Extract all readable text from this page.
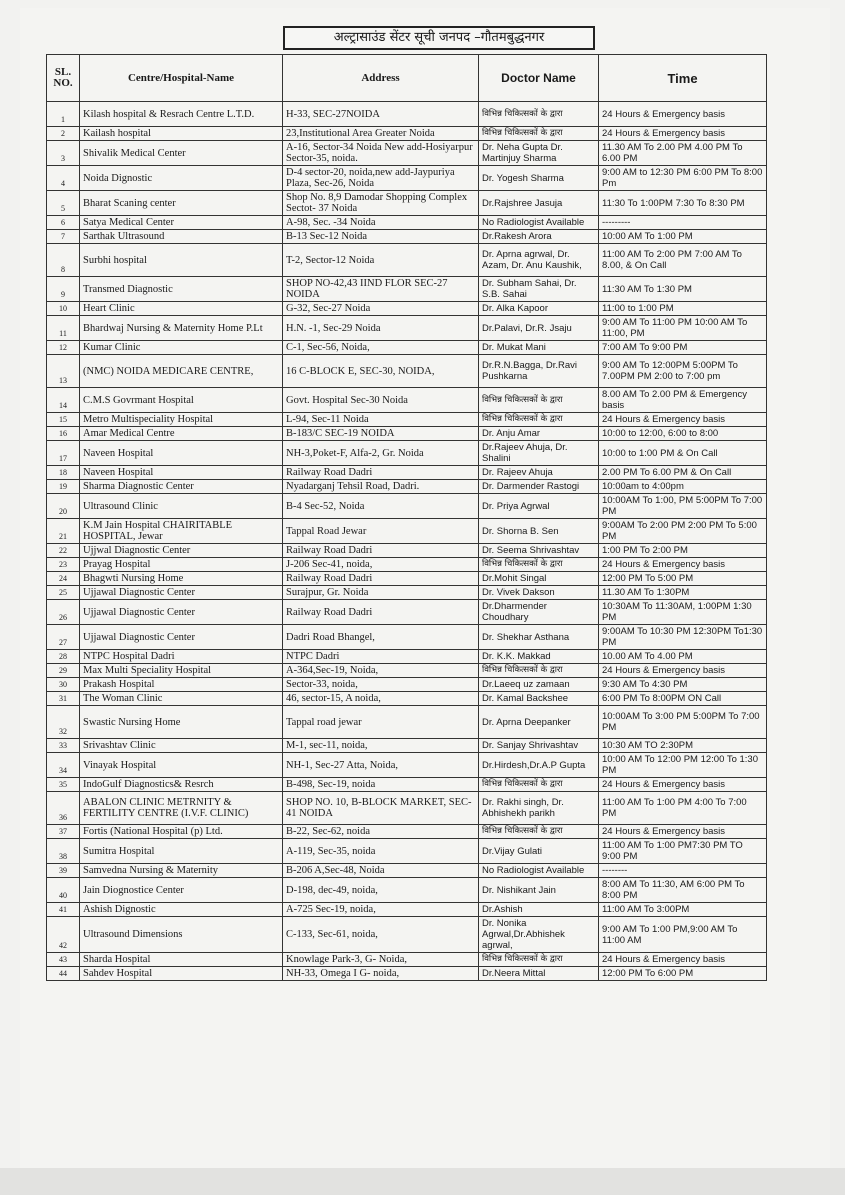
अल्ट्रासाउंड सेंटर सूची जनपद –गौतमबुद्धनगर
SL. NO.	Centre/Hospital-Name	Address	Doctor Name	Time
1	Kilash hospital & Resrach Centre L.T.D.	H-33, SEC-27NOIDA	विभिन्न चिकित्सकों के द्वारा	24 Hours & Emergency basis
2	Kailash hospital	23,Institutional Area Greater Noida	विभिन्न चिकित्सकों के द्वारा	24 Hours & Emergency basis
3	Shivalik Medical Center	A-16, Sector-34 Noida New add-Hosiyarpur Sector-35, noida.	Dr. Neha Gupta Dr. Martinjuy Sharma	11.30 AM To 2.00 PM 4.00 PM To 6.00 PM
4	Noida Dignostic	D-4 sector-20, noida,new add-Jaypuriya Plaza, Sec-26, Noida	Dr. Yogesh Sharma	9:00 AM to 12:30 PM 6:00 PM To 8:00 Pm
5	Bharat Scaning center	Shop No. 8,9 Damodar Shopping Complex Sectot- 37 Noida	Dr.Rajshree Jasuja	11:30 To 1:00PM 7:30 To 8:30 PM
6	Satya Medical Center	A-98, Sec. -34 Noida	No Radiologist Available	---------
7	Sarthak Ultrasound	B-13 Sec-12 Noida	Dr.Rakesh Arora	10:00 AM To 1:00 PM
8	Surbhi hospital	T-2, Sector-12 Noida	Dr. Aprna agrwal, Dr. Azam, Dr. Anu Kaushik,	11:00 AM To 2:00 PM 7:00 AM To 8.00, & On Call
9	Transmed Diagnostic	SHOP NO-42,43 IIND FLOR SEC-27 NOIDA	Dr. Subham Sahai, Dr. S.B. Sahai	11:30 AM To 1:30 PM
10	Heart Clinic	G-32, Sec-27 Noida	Dr. Alka Kapoor	11:00 to 1:00 PM
11	Bhardwaj Nursing & Maternity Home P.Lt	H.N. -1, Sec-29 Noida	Dr.Palavi, Dr.R. Jsaju	9:00 AM To 11:00 PM 10:00 AM To 11:00, PM
12	Kumar Clinic	C-1, Sec-56, Noida,	Dr. Mukat Mani	7:00 AM To 9:00 PM
13	(NMC) NOIDA MEDICARE CENTRE,	16 C-BLOCK E, SEC-30, NOIDA,	Dr.R.N.Bagga, Dr.Ravi Pushkarna	9:00 AM To 12:00PM 5:00PM To 7.00PM PM 2:00 to 7:00 pm
14	C.M.S Govrmant Hospital	Govt. Hospital Sec-30 Noida	विभिन्न चिकित्सकों के द्वारा	8.00 AM To 2.00 PM & Emergency basis
15	Metro Multispeciality Hospital	L-94, Sec-11 Noida	विभिन्न चिकित्सकों के द्वारा	24 Hours & Emergency basis
16	Amar Medical Centre	B-183/C SEC-19 NOIDA	Dr. Anju Amar	10:00 to 12:00, 6:00 to 8:00
17	Naveen Hospital	NH-3,Poket-F, Alfa-2, Gr. Noida	Dr.Rajeev Ahuja, Dr. Shalini	10:00 to 1:00 PM & On Call
18	Naveen Hospital	Railway Road Dadri	Dr. Rajeev Ahuja	2.00 PM To 6.00 PM & On Call
19	Sharma Diagnostic Center	Nyadarganj Tehsil Road, Dadri.	Dr. Darmender Rastogi	10:00am to 4:00pm
20	Ultrasound Clinic	B-4 Sec-52, Noida	Dr. Priya Agrwal	10:00AM To 1:00, PM 5:00PM To 7:00 PM
21	K.M Jain Hospital CHAIRITABLE HOSPITAL, Jewar	Tappal Road Jewar	Dr. Shorna B. Sen	9:00AM To 2:00 PM 2:00 PM To 5:00 PM
22	Ujjwal Diagnostic Center	Railway Road Dadri	Dr. Seema Shrivashtav	1:00 PM To 2:00 PM
23	Prayag Hospital	J-206 Sec-41, noida,	विभिन्न चिकित्सकों के द्वारा	24 Hours & Emergency basis
24	Bhagwti Nursing Home	Railway Road Dadri	Dr.Mohit Singal	12:00 PM To 5:00 PM
25	Ujjawal Diagnostic Center	Surajpur, Gr. Noida	Dr. Vivek Dakson	11.30 AM To 1:30PM
26	Ujjawal Diagnostic Center	Railway Road Dadri	Dr.Dharmender Choudhary	10:30AM To 11:30AM, 1:00PM 1:30 PM
27	Ujjawal Diagnostic Center	Dadri Road Bhangel,	Dr. Shekhar Asthana	9:00AM To 10:30 PM 12:30PM To1:30 PM
28	NTPC Hospital Dadri	NTPC Dadri	Dr. K.K. Makkad	10.00 AM To 4.00 PM
29	Max Multi Speciality Hospital	A-364,Sec-19, Noida,	विभिन्न चिकित्सकों के द्वारा	24 Hours & Emergency basis
30	Prakash Hospital	Sector-33, noida,	Dr.Laeeq uz zamaan	9:30 AM To 4:30 PM
31	The Woman Clinic	46, sector-15, A noida,	Dr. Kamal Backshee	6:00 PM To 8:00PM ON Call
32	Swastic Nursing Home	Tappal road jewar	Dr. Aprna Deepanker	10:00AM To 3:00 PM 5:00PM To 7:00 PM
33	Srivashtav Clinic	M-1, sec-11, noida,	Dr. Sanjay Shrivashtav	10:30 AM TO 2:30PM
34	Vinayak Hospital	NH-1, Sec-27 Atta, Noida,	Dr.Hirdesh,Dr.A.P Gupta	10:00 AM To 12:00 PM 12:00 To 1:30 PM
35	IndoGulf Diagnostics& Resrch	B-498, Sec-19, noida	विभिन्न चिकित्सकों के द्वारा	24 Hours & Emergency basis
36	ABALON CLINIC METRNITY & FERTILITY CENTRE (I.V.F. CLINIC)	SHOP NO. 10, B-BLOCK MARKET, SEC-41 NOIDA	Dr. Rakhi singh, Dr. Abhishekh parikh	11:00 AM To 1:00 PM 4:00 To 7:00 PM
37	Fortis (National Hospital (p) Ltd.	B-22, Sec-62, noida	विभिन्न चिकित्सकों के द्वारा	24 Hours & Emergency basis
38	Sumitra Hospital	A-119, Sec-35, noida	Dr.Vijay Gulati	11:00 AM To 1:00 PM7:30 PM TO 9:00 PM
39	Samvedna Nursing & Maternity	B-206 A,Sec-48, Noida	No Radiologist Available	--------
40	Jain Diognostice Center	D-198, dec-49, noida,	Dr. Nishikant Jain	8:00 AM To 11:30, AM 6:00 PM To 8:00 PM
41	Ashish Dignostic	A-725 Sec-19, noida,	Dr.Ashish	11:00 AM To 3:00PM
42	Ultrasound Dimensions	C-133, Sec-61, noida,	Dr. Nonika Agrwal,Dr.Abhishek agrwal,	9:00 AM To 1:00 PM,9:00 AM To 11:00 AM
43	Sharda Hospital	Knowlage Park-3, G- Noida,	विभिन्न चिकित्सकों के द्वारा	24 Hours & Emergency basis
44	Sahdev Hospital	NH-33, Omega I G- noida,	Dr.Neera Mittal	12:00 PM To 6:00 PM
